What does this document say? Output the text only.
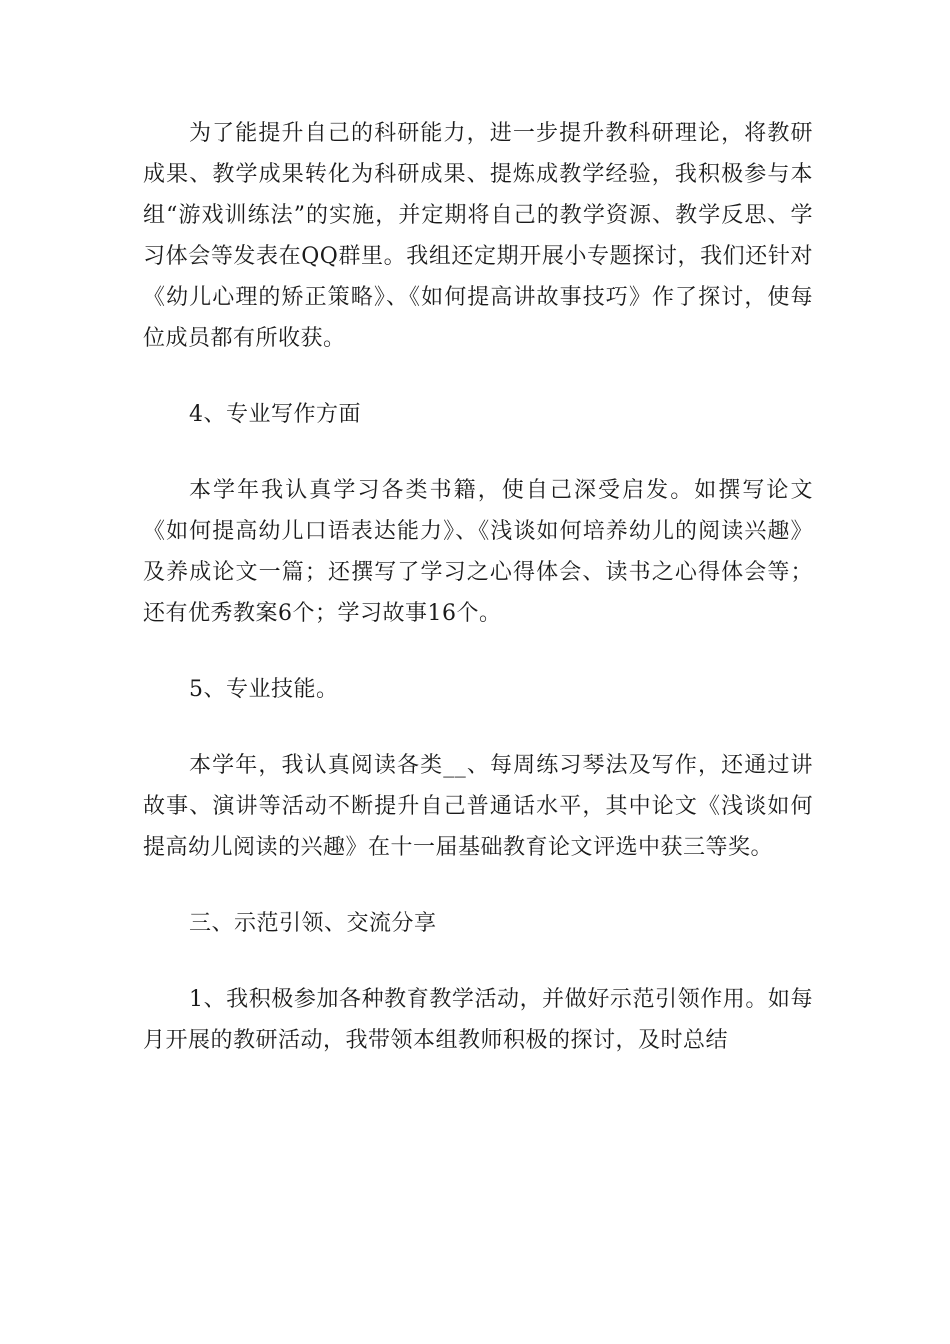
为了能提升自己的科研能力，进一步提升教科研理论，将教研成果、教学成果转化为科研成果、提炼成教学经验，我积极参与本组“游戏训练法”的实施，并定期将自己的教学资源、教学反思、学习体会等发表在QQ群里。我组还定期开展小专题探讨，我们还针对《幼儿心理的矫正策略》、《如何提高讲故事技巧》作了探讨，使每位成员都有所收获。

4、专业写作方面

本学年我认真学习各类书籍，使自己深受启发。如撰写论文《如何提高幼儿口语表达能力》、《浅谈如何培养幼儿的阅读兴趣》及养成论文一篇；还撰写了学习之心得体会、读书之心得体会等；还有优秀教案6个；学习故事16个。

5、专业技能。

本学年，我认真阅读各类__、每周练习琴法及写作，还通过讲故事、演讲等活动不断提升自己普通话水平，其中论文《浅谈如何提高幼儿阅读的兴趣》在十一届基础教育论文评选中获三等奖。

三、示范引领、交流分享

1、我积极参加各种教育教学活动，并做好示范引领作用。如每月开展的教研活动，我带领本组教师积极的探讨，及时总结
